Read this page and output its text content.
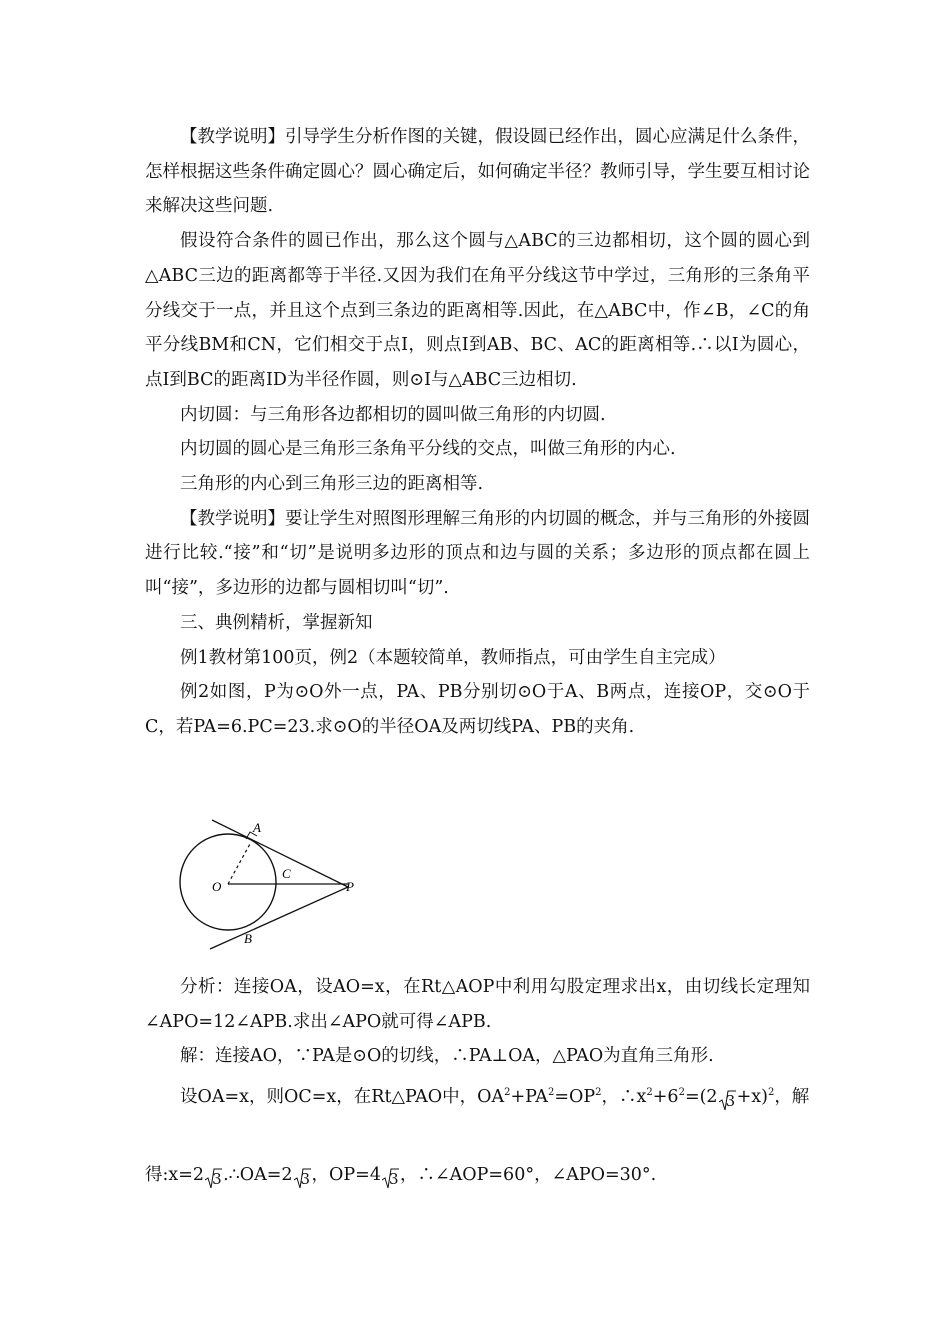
【教学说明】引导学生分析作图的关键，假设圆已经作出，圆心应满足什么条件，怎样根据这些条件确定圆心？圆心确定后，如何确定半径？教师引导，学生要互相讨论来解决这些问题.

假设符合条件的圆已作出，那么这个圆与△ABC的三边都相切，这个圆的圆心到△ABC三边的距离都等于半径.又因为我们在角平分线这节中学过，三角形的三条角平分线交于一点，并且这个点到三条边的距离相等.因此，在△ABC中，作∠B，∠C的角平分线BM和CN，它们相交于点I，则点I到AB、BC、AC的距离相等.∴以I为圆心，点I到BC的距离ID为半径作圆，则⊙I与△ABC三边相切.

内切圆：与三角形各边都相切的圆叫做三角形的内切圆.

内切圆的圆心是三角形三条角平分线的交点，叫做三角形的内心.

三角形的内心到三角形三边的距离相等.

【教学说明】要让学生对照图形理解三角形的内切圆的概念，并与三角形的外接圆进行比较.“接”和“切”是说明多边形的顶点和边与圆的关系；多边形的顶点都在圆上叫“接”，多边形的边都与圆相切叫“切”.

三、典例精析，掌握新知

例1教材第100页，例2（本题较简单，教师指点，可由学生自主完成）

例2如图，P为⊙O外一点，PA、PB分别切⊙O于A、B两点，连接OP，交⊙O于C，若PA=6.PC=23.求⊙O的半径OA及两切线PA、PB的夹角.

A
O
C
P
B

分析：连接OA，设AO=x，在Rt△AOP中利用勾股定理求出x，由切线长定理知∠APO=12∠APB.求出∠APO就可得∠APB.

解：连接AO，∵PA是⊙O的切线，∴PA⊥OA，△PAO为直角三角形.

设OA=x，则OC=x，在Rt△PAO中，$OA^2+PA^2=OP^2$，$\therefore x^2+6^2=(2$ 3 +x)$^2$，解
得:x=2 3 .∴OA=2 3 ，OP=4 3 ，∴∠AOP=60°，∠APO=30°.
